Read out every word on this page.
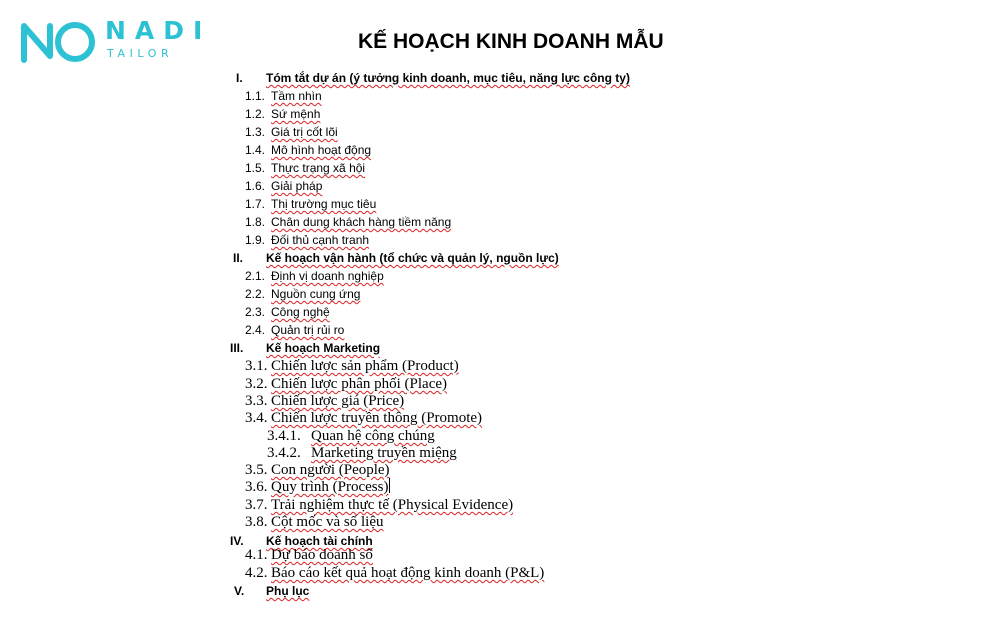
NADI
TAILOR
KẾ HOẠCH KINH DOANH MẪU
I. Tóm tắt dự án (ý tưởng kinh doanh, mục tiêu, năng lực công ty)
1.1. Tầm nhìn
1.2. Sứ mệnh
1.3. Giá trị cốt lõi
1.4. Mô hình hoạt động
1.5. Thực trạng xã hội
1.6. Giải pháp
1.7. Thị trường mục tiêu
1.8. Chân dung khách hàng tiềm năng
1.9. Đối thủ cạnh tranh
II. Kế hoạch vận hành (tổ chức và quản lý, nguồn lực)
2.1. Định vị doanh nghiệp
2.2. Nguồn cung ứng
2.3. Công nghệ
2.4. Quản trị rủi ro
III. Kế hoạch Marketing
3.1. Chiến lược sản phẩm (Product)
3.2. Chiến lược phân phối (Place)
3.3. Chiến lược giá (Price)
3.4. Chiến lược truyền thông (Promote)
3.4.1. Quan hệ công chúng
3.4.2. Marketing truyền miệng
3.5. Con người (People)
3.6. Quy trình (Process)
3.7. Trải nghiệm thực tế (Physical Evidence)
3.8. Cột mốc và số liệu
IV. Kế hoạch tài chính
4.1. Dự báo doanh số
4.2. Báo cáo kết quả hoạt động kinh doanh (P&L)
V. Phụ lục
